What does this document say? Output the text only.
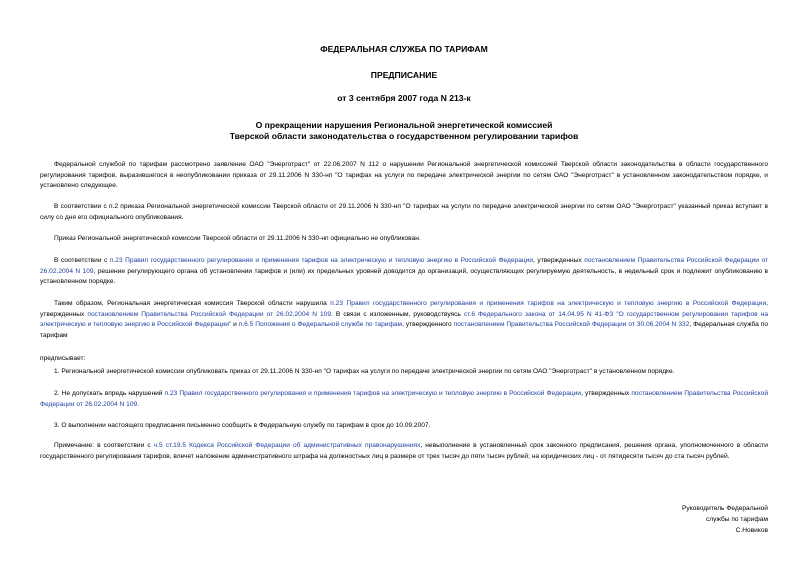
ФЕДЕРАЛЬНАЯ СЛУЖБА ПО ТАРИФАМ
ПРЕДПИСАНИЕ
от 3 сентября 2007 года N 213-к
О прекращении нарушения Региональной энергетической комиссией
Тверской области законодательства о государственном регулировании тарифов
Федеральной службой по тарифам рассмотрено заявление ОАО "Энерготраст" от 22.06.2007 N 112 о нарушении Региональной энергетической комиссией Тверской области законодательства в области государственного регулирования тарифов, выразившегося в неопубликовании приказа от 29.11.2006 N 330-нп "О тарифах на услуги по передаче электрической энергии по сетям ОАО "Энерготраст" в установленном законодательством порядке, и установлено следующее.
В соответствии с п.2 приказа Региональной энергетической комиссии Тверской области от 29.11.2006 N 330-нп "О тарифах на услуги по передаче электрической энергии по сетям ОАО "Энерготраст" указанный приказ вступает в силу со дня его официального опубликования.
Приказ Региональной энергетической комиссии Тверской области от 29.11.2006 N 330-нп официально не опубликован.
В соответствии с п.23 Правил государственного регулирования и применения тарифов на электрическую и тепловую энергию в Российской Федерации, утвержденных постановлением Правительства Российской Федерации от 26.02.2004 N 109, решение регулирующего органа об установлении тарифов и (или) их предельных уровней доводится до организаций, осуществляющих регулируемую деятельность, в недельный срок и подлежит опубликованию в установленном порядке.
Таким образом, Региональная энергетическая комиссия Тверской области нарушила п.23 Правил государственного регулирования и применения тарифов на электрическую и тепловую энергию в Российской Федерации, утвержденных постановлением Правительства Российской Федерации от 26.02.2004 N 109. В связи с изложенным, руководствуясь ст.6 Федерального закона от 14.04.95 N 41-ФЗ "О государственном регулировании тарифов на электрическую и тепловую энергию в Российской Федерации" и п.6.5 Положения о Федеральной службе по тарифам, утвержденного постановлением Правительства Российской Федерации от 30.06.2004 N 332, Федеральная служба по тарифам
предписывает:
1. Региональной энергетической комиссии опубликовать приказ от 29.11.2006 N 330-нп "О тарифах на услуги по передаче электрической энергии по сетям ОАО "Энерготраст" в установленном порядке.
2. Не допускать впредь нарушений п.23 Правил государственного регулирования и применения тарифов на электрическую и тепловую энергию в Российской Федерации, утвержденных постановлением Правительства Российской Федерации от 26.02.2004 N 109.
3. О выполнении настоящего предписания письменно сообщить в Федеральную службу по тарифам в срок до 10.09.2007.
Примечание: в соответствии с ч.5 ст.19.5 Кодекса Российской Федерации об административных правонарушениях, невыполнение в установленный срок законного предписания, решения органа, уполномоченного в области государственного регулирования тарифов, влечет наложение административного штрафа на должностных лиц в размере от трех тысяч до пяти тысяч рублей; на юридических лиц - от пятидесяти тысяч до ста тысяч рублей.
Руководитель Федеральной
службы по тарифам
С.Новиков
